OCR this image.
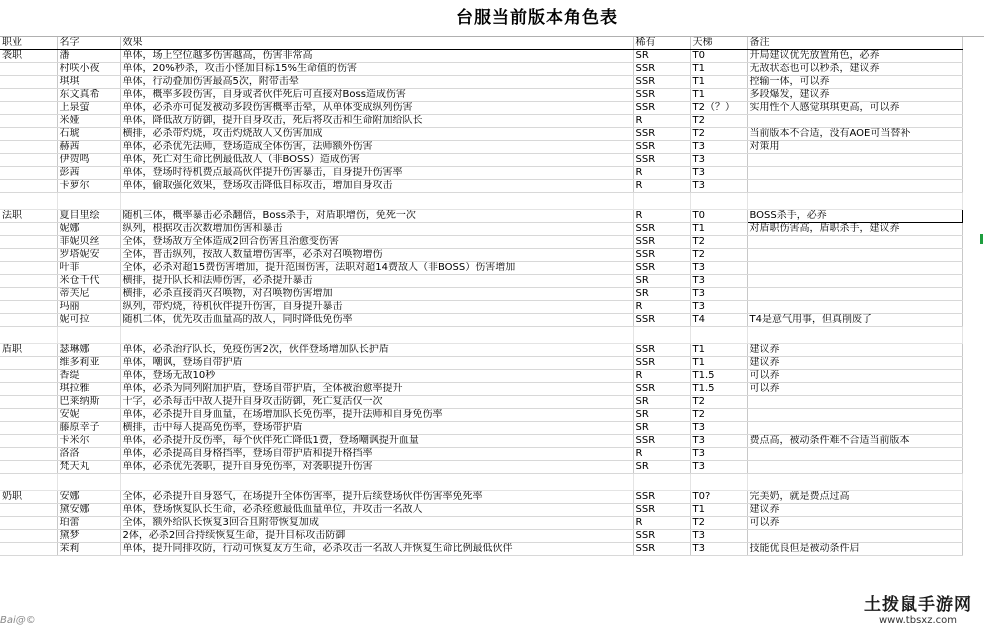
台服当前版本角色表
职业	名字	效果	稀有	天梯	备注
袭职	潘	单体，场上空位越多伤害越高，伤害非常高	SR	T0	开局建议优先放置角色，必养
	村咲小夜	单体，20%秒杀，攻击小怪加目标15%生命值的伤害	SSR	T1	无敌状态也可以秒杀，建议养
	琪琪	单体，行动叠加伤害最高5次，附带击晕	SSR	T1	控输一体，可以养
	东文真希	单体，概率多段伤害，自身或者伙伴死后可直接对Boss造成伤害	SSR	T1	多段爆发，建议养
	上泉萤	单体，必杀亦可促发被动多段伤害概率击晕，从单体变成纵列伤害	SSR	T2（？）	实用性个人感觉琪琪更高，可以养
	米娅	单体，降低敌方防御，提升自身攻击，死后将攻击和生命附加给队长	R	T2	
	石琥	横排，必杀带灼烧，攻击灼烧敌人又伤害加成	SSR	T2	当前版本不合适，没有AOE可当替补
	赫茜	单体，必杀优先法师，登场造成全体伤害，法师额外伤害	SSR	T3	对策用
	伊贺鸣	单体，死亡对生命比例最低敌人（非BOSS）造成伤害	SSR	T3	
	彭茜	单体，登场时待机费点最高伙伴提升伤害暴击，自身提升伤害率	R	T3	
	卡萝尔	单体，偷取强化效果，登场攻击降低目标攻击，增加自身攻击	R	T3	

法职	夏目里绘	随机三体，概率暴击必杀翻倍，Boss杀手，对盾职增伤，免死一次	R	T0	BOSS杀手，必养
	妮娜	纵列，根据攻击次数增加伤害和暴击	SSR	T1	对盾职伤害高，盾职杀手，建议养
	菲妮贝丝	全体，登场敌方全体造成2回合伤害且治愈变伤害	SSR	T2	
	罗塔妮安	全体，普击纵列，按敌人数量增伤害率，必杀对召唤物增伤	SSR	T2	
	叶菲	全体，必杀对超15费伤害增加，提升范围伤害，法职对超14费敌人（非BOSS）伤害增加	SSR	T3	
	米仓千代	横排，提升队长和法师伤害，必杀提升暴击	SR	T3	
	蒂芙尼	横排，必杀直接消灭召唤物，对召唤物伤害增加	SR	T3	
	玛丽	纵列，带灼烧，待机伙伴提升伤害，自身提升暴击	R	T3	
	妮可拉	随机二体，优先攻击血量高的敌人，同时降低免伤率	SSR	T4	T4是意气用事，但真削废了

盾职	瑟琳娜	单体，必杀治疗队长，免疫伤害2次，伙伴登场增加队长护盾	SSR	T1	建议养
	维多莉亚	单体，嘲讽，登场自带护盾	SSR	T1	建议养
	香缇	单体，登场无敌10秒	R	T1.5	可以养
	琪拉雅	单体，必杀为同列附加护盾，登场自带护盾，全体被治愈率提升	SSR	T1.5	可以养
	巴莱纳斯	十字，必杀每击中敌人提升自身攻击防御，死亡复活仅一次	SR	T2	
	安妮	单体，必杀提升自身血量，在场增加队长免伤率，提升法师和自身免伤率	SR	T2	
	藤原幸子	横排，击中每人提高免伤率，登场带护盾	SR	T3	
	卡米尔	单体，必杀提升反伤率，每个伙伴死亡降低1费，登场嘲讽提升血量	SSR	T3	费点高，被动条件难不合适当前版本
	洛洛	单体，必杀提高自身格挡率，登场自带护盾和提升格挡率	R	T3	
	梵天丸	单体，必杀优先袭职，提升自身免伤率，对袭职提升伤害	SR	T3	

奶职	安娜	全体，必杀提升自身怒气，在场提升全体伤害率，提升后续登场伙伴伤害率免死率	SSR	T0?	完美奶，就是费点过高
	黛安娜	单体，登场恢复队长生命，必杀痊愈最低血量单位，并攻击一名敌人	SSR	T1	建议养
	珀蕾	全体，额外给队长恢复3回合且附带恢复加成	R	T2	可以养
	黛梦	2体，必杀2回合持续恢复生命，提升目标攻击防御	SSR	T3	
	茉莉	单体，提升同排攻防，行动可恢复友方生命，必杀攻击一名敌人并恢复生命比例最低伙伴	SSR	T3	技能优良但是被动条件启
Bai@©
土拨鼠手游网
www.tbsxz.com
